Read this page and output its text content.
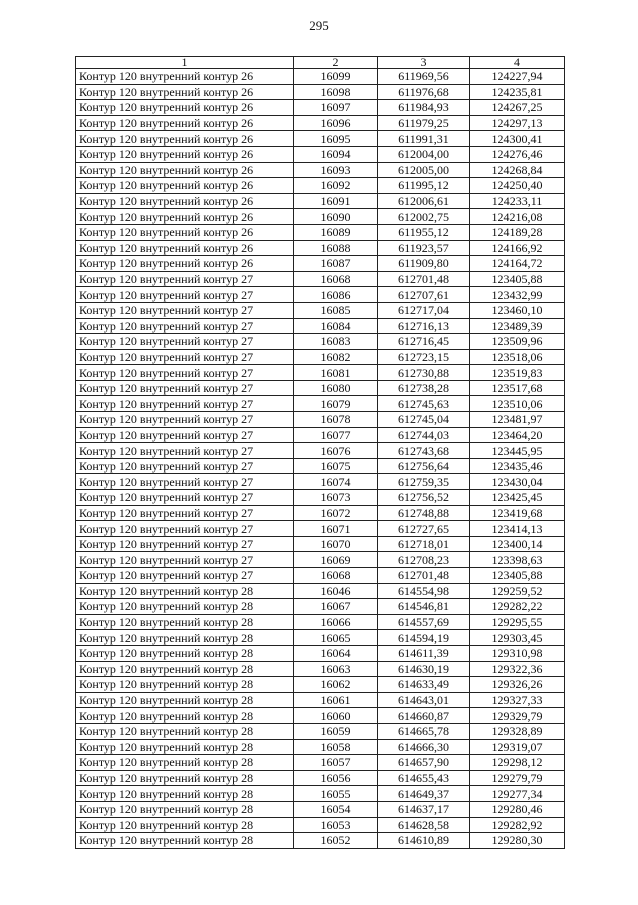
295
1	2	3	4
Контур 120 внутренний контур 26	16099	611969,56	124227,94
Контур 120 внутренний контур 26	16098	611976,68	124235,81
Контур 120 внутренний контур 26	16097	611984,93	124267,25
Контур 120 внутренний контур 26	16096	611979,25	124297,13
Контур 120 внутренний контур 26	16095	611991,31	124300,41
Контур 120 внутренний контур 26	16094	612004,00	124276,46
Контур 120 внутренний контур 26	16093	612005,00	124268,84
Контур 120 внутренний контур 26	16092	611995,12	124250,40
Контур 120 внутренний контур 26	16091	612006,61	124233,11
Контур 120 внутренний контур 26	16090	612002,75	124216,08
Контур 120 внутренний контур 26	16089	611955,12	124189,28
Контур 120 внутренний контур 26	16088	611923,57	124166,92
Контур 120 внутренний контур 26	16087	611909,80	124164,72
Контур 120 внутренний контур 27	16068	612701,48	123405,88
Контур 120 внутренний контур 27	16086	612707,61	123432,99
Контур 120 внутренний контур 27	16085	612717,04	123460,10
Контур 120 внутренний контур 27	16084	612716,13	123489,39
Контур 120 внутренний контур 27	16083	612716,45	123509,96
Контур 120 внутренний контур 27	16082	612723,15	123518,06
Контур 120 внутренний контур 27	16081	612730,88	123519,83
Контур 120 внутренний контур 27	16080	612738,28	123517,68
Контур 120 внутренний контур 27	16079	612745,63	123510,06
Контур 120 внутренний контур 27	16078	612745,04	123481,97
Контур 120 внутренний контур 27	16077	612744,03	123464,20
Контур 120 внутренний контур 27	16076	612743,68	123445,95
Контур 120 внутренний контур 27	16075	612756,64	123435,46
Контур 120 внутренний контур 27	16074	612759,35	123430,04
Контур 120 внутренний контур 27	16073	612756,52	123425,45
Контур 120 внутренний контур 27	16072	612748,88	123419,68
Контур 120 внутренний контур 27	16071	612727,65	123414,13
Контур 120 внутренний контур 27	16070	612718,01	123400,14
Контур 120 внутренний контур 27	16069	612708,23	123398,63
Контур 120 внутренний контур 27	16068	612701,48	123405,88
Контур 120 внутренний контур 28	16046	614554,98	129259,52
Контур 120 внутренний контур 28	16067	614546,81	129282,22
Контур 120 внутренний контур 28	16066	614557,69	129295,55
Контур 120 внутренний контур 28	16065	614594,19	129303,45
Контур 120 внутренний контур 28	16064	614611,39	129310,98
Контур 120 внутренний контур 28	16063	614630,19	129322,36
Контур 120 внутренний контур 28	16062	614633,49	129326,26
Контур 120 внутренний контур 28	16061	614643,01	129327,33
Контур 120 внутренний контур 28	16060	614660,87	129329,79
Контур 120 внутренний контур 28	16059	614665,78	129328,89
Контур 120 внутренний контур 28	16058	614666,30	129319,07
Контур 120 внутренний контур 28	16057	614657,90	129298,12
Контур 120 внутренний контур 28	16056	614655,43	129279,79
Контур 120 внутренний контур 28	16055	614649,37	129277,34
Контур 120 внутренний контур 28	16054	614637,17	129280,46
Контур 120 внутренний контур 28	16053	614628,58	129282,92
Контур 120 внутренний контур 28	16052	614610,89	129280,30
